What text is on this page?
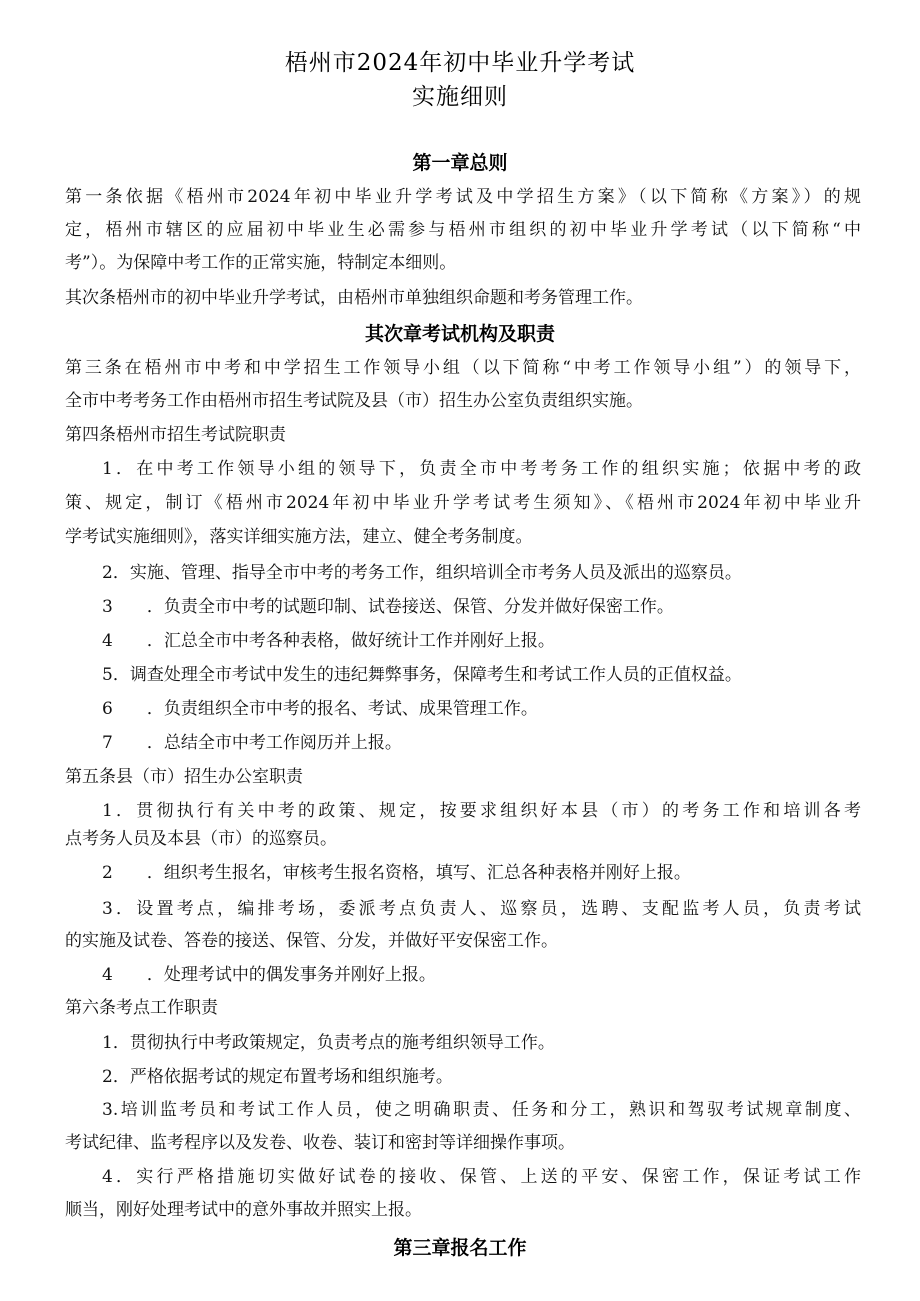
梧州市2024年初中毕业升学考试
实施细则
第一章总则
第一条依据《梧州市2024年初中毕业升学考试及中学招生方案》（以下简称《方案》）的规
定，梧州市辖区的应届初中毕业生必需参与梧州市组织的初中毕业升学考试（以下简称“中
考”）。为保障中考工作的正常实施，特制定本细则。
其次条梧州市的初中毕业升学考试，由梧州市单独组织命题和考务管理工作。
其次章考试机构及职责
第三条在梧州市中考和中学招生工作领导小组（以下简称“中考工作领导小组”）的领导下，
全市中考考务工作由梧州市招生考试院及县（市）招生办公室负责组织实施。
第四条梧州市招生考试院职责
1．在中考工作领导小组的领导下，负责全市中考考务工作的组织实施；依据中考的政
策、规定，制订《梧州市2024年初中毕业升学考试考生须知》、《梧州市2024年初中毕业升
学考试实施细则》，落实详细实施方法，建立、健全考务制度。
2．实施、管理、指导全市中考的考务工作，组织培训全市考务人员及派出的巡察员。
3　　．负责全市中考的试题印制、试卷接送、保管、分发并做好保密工作。
4　　．汇总全市中考各种表格，做好统计工作并刚好上报。
5．调查处理全市考试中发生的违纪舞弊事务，保障考生和考试工作人员的正值权益。
6　　．负责组织全市中考的报名、考试、成果管理工作。
7　　．总结全市中考工作阅历并上报。
第五条县（市）招生办公室职责
1．贯彻执行有关中考的政策、规定，按要求组织好本县（市）的考务工作和培训各考
点考务人员及本县（市）的巡察员。
2　　．组织考生报名，审核考生报名资格，填写、汇总各种表格并刚好上报。
3．设置考点，编排考场，委派考点负责人、巡察员，选聘、支配监考人员，负责考试
的实施及试卷、答卷的接送、保管、分发，并做好平安保密工作。
4　　．处理考试中的偶发事务并刚好上报。
第六条考点工作职责
1．贯彻执行中考政策规定，负责考点的施考组织领导工作。
2．严格依据考试的规定布置考场和组织施考。
3.培训监考员和考试工作人员，使之明确职责、任务和分工，熟识和驾驭考试规章制度、
考试纪律、监考程序以及发卷、收卷、装订和密封等详细操作事项。
4．实行严格措施切实做好试卷的接收、保管、上送的平安、保密工作，保证考试工作
顺当，刚好处理考试中的意外事故并照实上报。
第三章报名工作
